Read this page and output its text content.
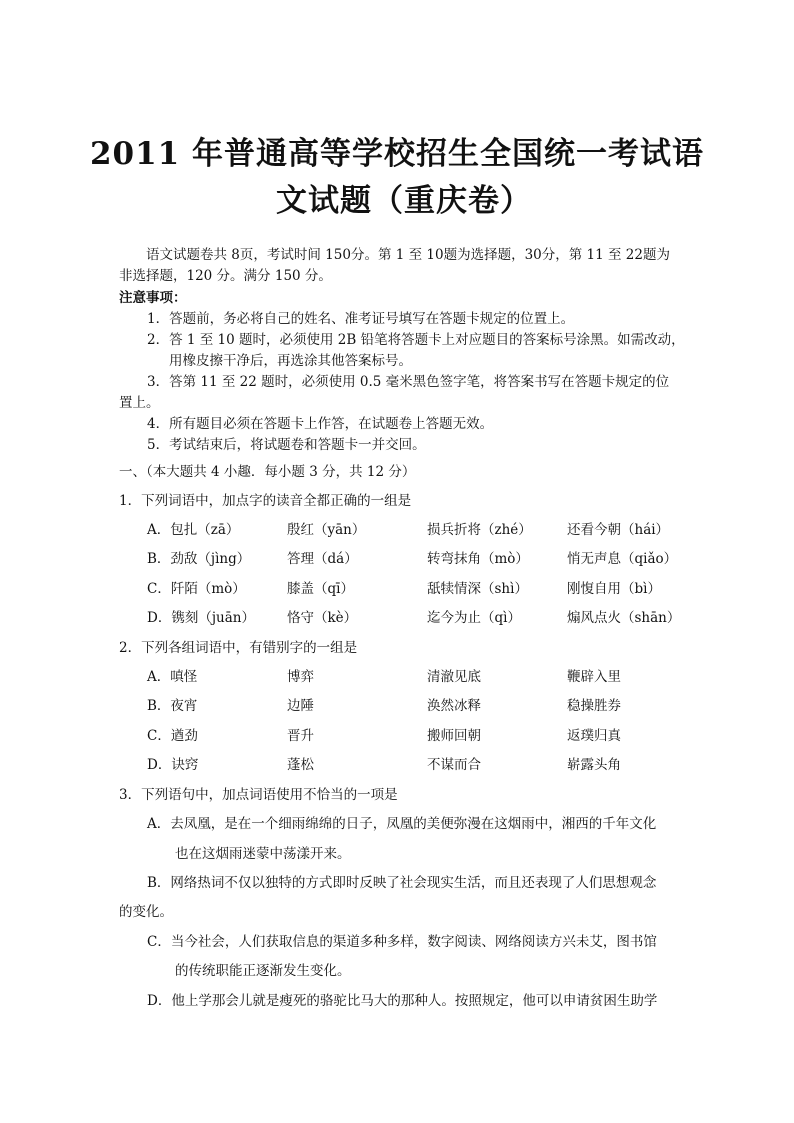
2011 年普通高等学校招生全国统一考试语
文试题（重庆卷）

语文试题卷共 8页，考试时间 150分。第 1 至 10题为选择题，30分，第 11 至 22题为

非选择题，120 分。满分 150 分。

注意事项：

1．答题前，务必将自己的姓名、准考证号填写在答题卡规定的位置上。

2．答 1 至 10 题时，必须使用 2B 铅笔将答题卡上对应题目的答案标号涂黑。如需改动，

用橡皮擦干净后，再选涂其他答案标号。

3．答第 11 至 22 题时，必须使用 0.5 毫米黑色签字笔，将答案书写在答题卡规定的位

置上。

4．所有题目必须在答题卡上作答，在试题卷上答题无效。

5．考试结束后，将试题卷和答题卡一并交回。

一、（本大题共 4 小趣．每小题 3 分，共 12 分）

1．下列词语中，加点字的读音全都正确的一组是

A．包扎（zā）	殷红（yān）	损兵折将（zhé）	还看今朝（hái）
B．劲敌（jìng）	答理（dá）	转弯抹角（mò）	悄无声息（qiǎo）
C．阡陌（mò）	膝盖（qī）	舐犊情深（shì）	刚愎自用（bì）
D．镌刻（juān） 恪守（kè）	迄今为止（qì）	煽风点火（shān）

2．下列各组词语中，有错别字的一组是

A．嗔怪	博弈	清澈见底	鞭辟入里
B．夜宵	边陲	涣然冰释	稳操胜券
C．遒劲	晋升	搬师回朝	返璞归真
D．诀窍	蓬松	不谋而合	崭露头角

3．下列语句中，加点词语使用不恰当的一项是

A．去凤凰，是在一个细雨绵绵的日子，凤凰的美便弥漫在这烟雨中，湘西的千年文化

也在这烟雨迷蒙中荡漾开来。

B．网络热词不仅以独特的方式即时反映了社会现实生活，而且还表现了人们思想观念

的变化。

C．当今社会，人们获取信息的渠道多种多样，数字阅读、网络阅读方兴未艾，图书馆

的传统职能正逐渐发生变化。

D．他上学那会儿就是瘦死的骆驼比马大的那种人。按照规定，他可以申请贫困生助学
